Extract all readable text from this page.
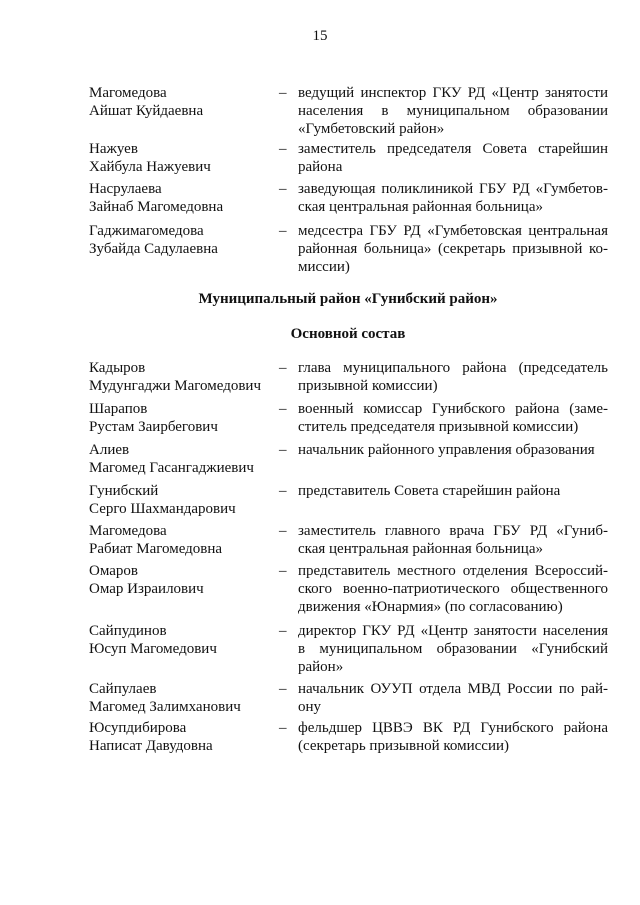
15
Магомедова
Айшат Куйдаевна
– ведущий инспектор ГКУ РД «Центр занятости
населения в муниципальном образовании
«Гумбетовский район»
Нажуев
Хайбула Нажуевич
– заместитель председателя Совета старейшин
района
Насрулаева
Зайнаб Магомедовна
– заведующая поликлиникой ГБУ РД «Гумбетов-
ская центральная районная больница»
Гаджимагомедова
Зубайда Садулаевна
– медсестра ГБУ РД «Гумбетовская центральная
районная больница» (секретарь призывной ко-
миссии)
Муниципальный район «Гунибский район»
Основной состав
Кадыров
Мудунгаджи Магомедович
– глава муниципального района (председатель
призывной комиссии)
Шарапов
Рустам Заирбегович
– военный комиссар Гунибского района (заме-
ститель председателя призывной комиссии)
Алиев
Магомед Гасангаджиевич
– начальник районного управления образования
Гунибский
Серго Шахмандарович
– представитель Совета старейшин района
Магомедова
Рабиат Магомедовна
– заместитель главного врача ГБУ РД «Гуниб-
ская центральная районная больница»
Омаров
Омар Израилович
– представитель местного отделения Всероссий-
ского военно-патриотического общественного
движения «Юнармия» (по согласованию)
Сайпудинов
Юсуп Магомедович
– директор ГКУ РД «Центр занятости населения
в муниципальном образовании «Гунибский
район»
Сайпулаев
Магомед Залимханович
– начальник ОУУП отдела МВД России по рай-
ону
Юсупдибирова
Написат Давудовна
– фельдшер ЦВВЭ ВК РД Гунибского района
(секретарь призывной комиссии)
